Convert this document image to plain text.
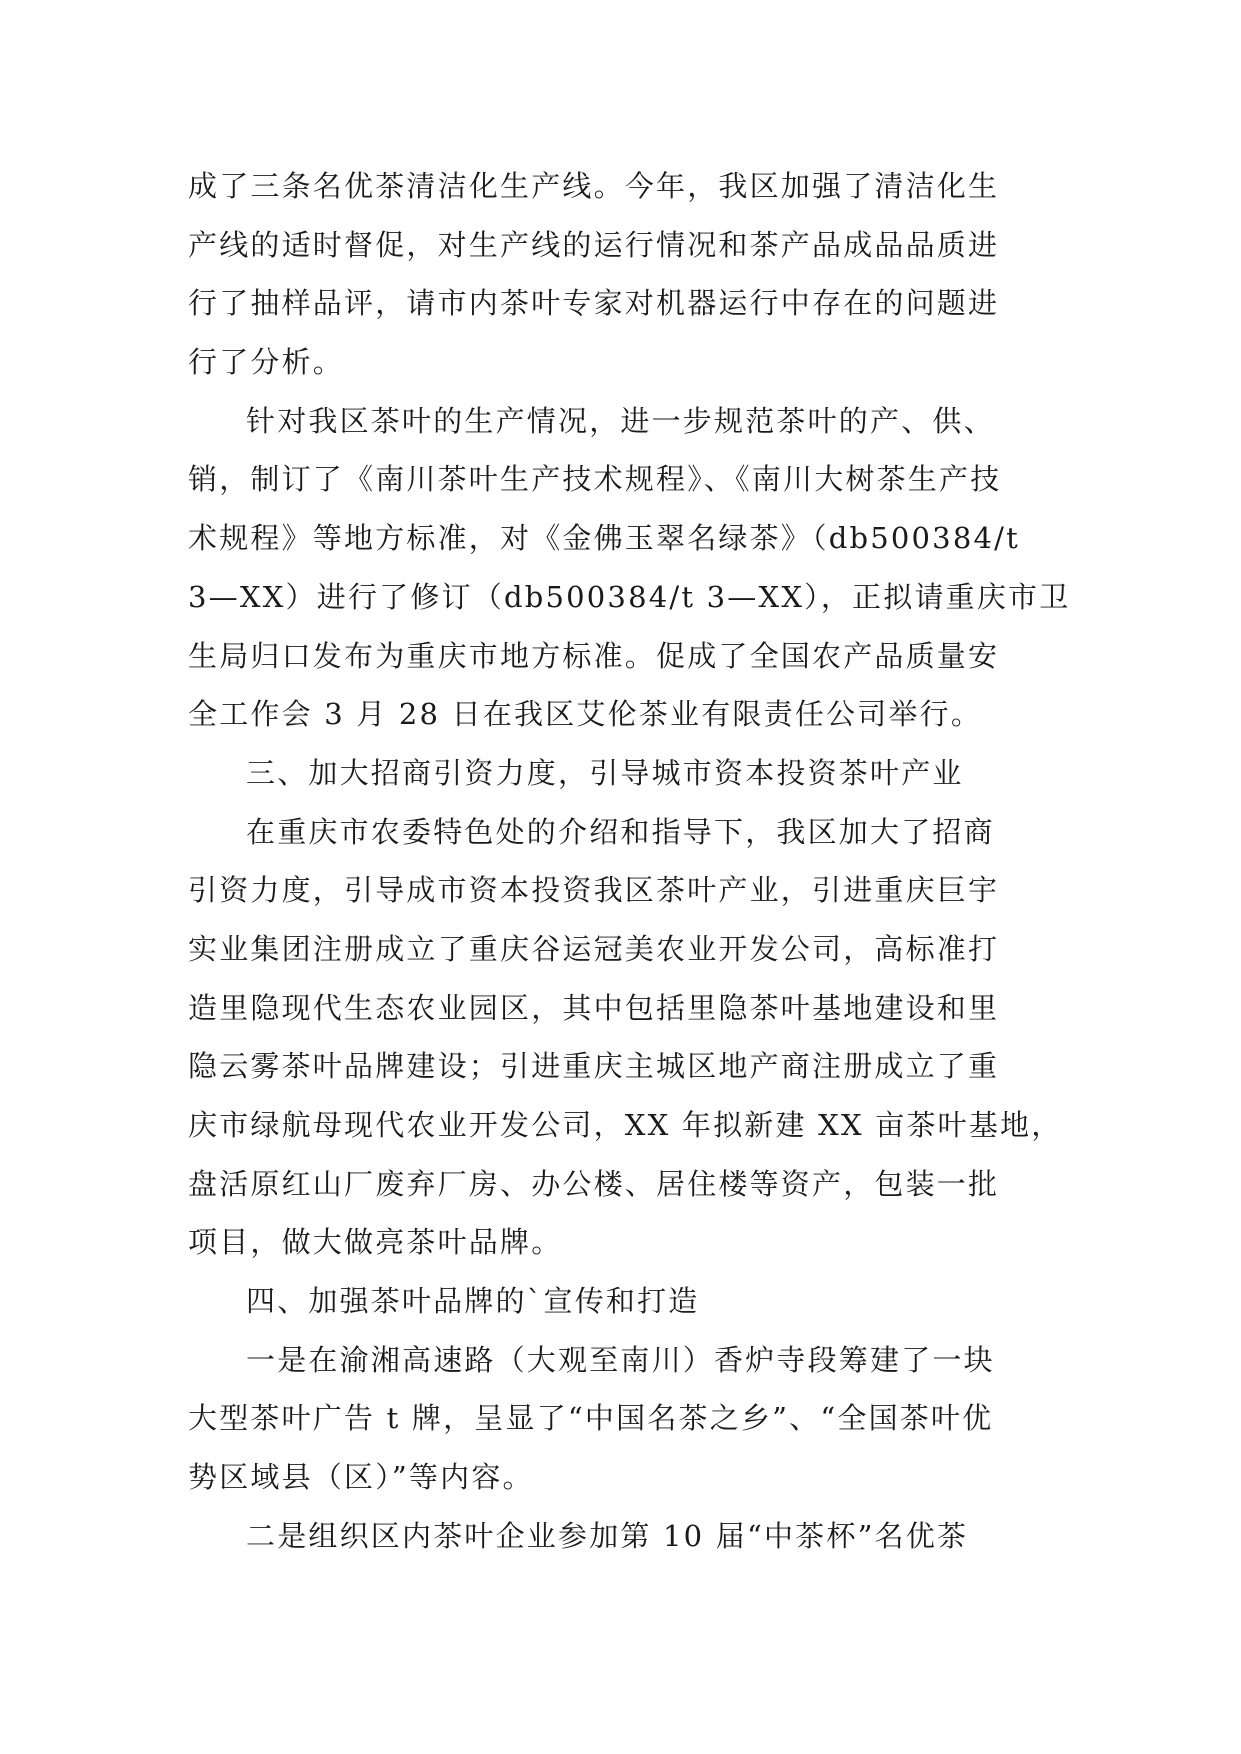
成了三条名优茶清洁化生产线。今年，我区加强了清洁化生
产线的适时督促，对生产线的运行情况和茶产品成品品质进
行了抽样品评，请市内茶叶专家对机器运行中存在的问题进
行了分析。
针对我区茶叶的生产情况，进一步规范茶叶的产、供、
销，制订了《南川茶叶生产技术规程》、《南川大树茶生产技
术规程》等地方标准，对《金佛玉翠名绿茶》（db500384/t
3—XX）进行了修订（db500384/t 3—XX），正拟请重庆市卫
生局归口发布为重庆市地方标准。促成了全国农产品质量安
全工作会 3 月 28 日在我区艾伦茶业有限责任公司举行。
三、加大招商引资力度，引导城市资本投资茶叶产业
在重庆市农委特色处的介绍和指导下，我区加大了招商
引资力度，引导成市资本投资我区茶叶产业，引进重庆巨宇
实业集团注册成立了重庆谷运冠美农业开发公司，高标准打
造里隐现代生态农业园区，其中包括里隐茶叶基地建设和里
隐云雾茶叶品牌建设；引进重庆主城区地产商注册成立了重
庆市绿航母现代农业开发公司，XX 年拟新建 XX 亩茶叶基地，
盘活原红山厂废弃厂房、办公楼、居住楼等资产，包装一批
项目，做大做亮茶叶品牌。
四、加强茶叶品牌的`宣传和打造
一是在渝湘高速路（大观至南川）香炉寺段筹建了一块
大型茶叶广告 t 牌，呈显了“中国名茶之乡”、“全国茶叶优
势区域县（区）”等内容。
二是组织区内茶叶企业参加第 10 届“中茶杯”名优茶
